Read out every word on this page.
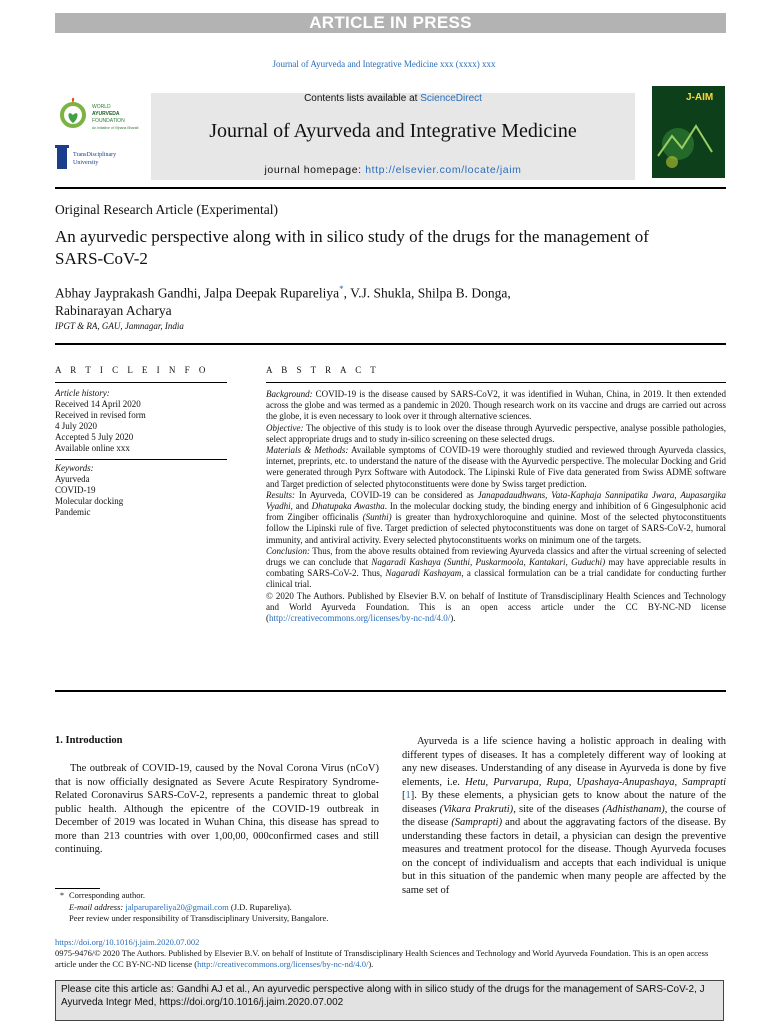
ARTICLE IN PRESS
Journal of Ayurveda and Integrative Medicine xxx (xxxx) xxx
WORLD
AYURVEDA
FOUNDATION
An initiative of Vijnana Bharati
TransDisciplinary
University
Contents lists available at ScienceDirect
Journal of Ayurveda and Integrative Medicine
journal homepage: http://elsevier.com/locate/jaim
J-AIM
Original Research Article (Experimental)
An ayurvedic perspective along with in silico study of the drugs for the management of SARS-CoV-2
Abhay Jayprakash Gandhi, Jalpa Deepak Rupareliya*, V.J. Shukla, Shilpa B. Donga,
Rabinarayan Acharya
IPGT & RA, GAU, Jamnagar, India
A R T I C L E I N F O	A B S T R A C T
Article history:
Received 14 April 2020
Received in revised form
4 July 2020
Accepted 5 July 2020
Available online xxx
Keywords:
Ayurveda
COVID-19
Molecular docking
Pandemic
Background: COVID-19 is the disease caused by SARS-CoV2, it was identified in Wuhan, China, in 2019. It then extended across the globe and was termed as a pandemic in 2020. Though research work on its vaccine and drugs are carried out across the globe, it is even necessary to look over it through alternative sciences.
Objective: The objective of this study is to look over the disease through Ayurvedic perspective, analyse possible pathologies, select appropriate drugs and to study in-silico screening on these selected drugs.
Materials & Methods: Available symptoms of COVID-19 were thoroughly studied and reviewed through Ayurveda classics, internet, preprints, etc. to understand the nature of the disease with the Ayurvedic perspective. The molecular Docking and Grid were generated through Pyrx Software with Autodock. The Lipinski Rule of Five data generated from Swiss ADME software and Target prediction of selected phytoconstituents were done by Swiss target prediction.
Results: In Ayurveda, COVID-19 can be considered as Janapadaudhwans, Vata-Kaphaja Sannipatika Jwara, Aupasargika Vyadhi, and Dhatupaka Awastha. In the molecular docking study, the binding energy and inhibition of 6 Gingesulphonic acid from Zingiber officinalis (Sunthi) is greater than hydroxychloroquine and quinine. Most of the selected phytoconstituents follow the Lipinski rule of five. Target prediction of selected phytoconstituents was done on target of SARS-CoV-2, humoral immunity, and antiviral activity. Every selected phytoconstituents works on minimum one of the targets.
Conclusion: Thus, from the above results obtained from reviewing Ayurveda classics and after the virtual screening of selected drugs we can conclude that Nagaradi Kashaya (Sunthi, Puskarmoola, Kantakari, Guduchi) may have appreciable results in combating SARS-CoV-2. Thus, Nagaradi Kashayam, a classical formulation can be a trial candidate for conducting further clinical trial.
© 2020 The Authors. Published by Elsevier B.V. on behalf of Institute of Transdisciplinary Health Sciences and Technology and World Ayurveda Foundation. This is an open access article under the CC BY-NC-ND license (http://creativecommons.org/licenses/by-nc-nd/4.0/).
1. Introduction

The outbreak of COVID-19, caused by the Noval Corona Virus (nCoV) that is now officially designated as Severe Acute Respiratory Syndrome-Related Coronavirus SARS-CoV-2, represents a pandemic threat to global public health. Although the epicentre of the COVID-19 outbreak in December of 2019 was located in Wuhan China, this disease has spread to more than 213 countries with over 1,00,00, 000confirmed cases and still continuing.

Ayurveda is a life science having a holistic approach in dealing with different types of diseases. It has a completely different way of looking at any new diseases. Understanding of any disease in Ayurveda is done by five elements, i.e. Hetu, Purvarupa, Rupa, Upashaya-Anupashaya, Samprapti [1]. By these elements, a physician gets to know about the nature of the diseases (Vikara Prakruti), site of the diseases (Adhisthanam), the course of the disease (Samprapti) and about the aggravating factors of the disease. By understanding these factors in detail, a physician can design the preventive measures and treatment protocol for the disease. Though Ayurveda focuses on the concept of individualism and accepts that each individual is unique but in this situation of the pandemic when many people are affected by the same set of

* Corresponding author.
E-mail address: jalparupareliya20@gmail.com (J.D. Rupareliya).
Peer review under responsibility of Transdisciplinary University, Bangalore.
https://doi.org/10.1016/j.jaim.2020.07.002
0975-9476/© 2020 The Authors. Published by Elsevier B.V. on behalf of Institute of Transdisciplinary Health Sciences and Technology and World Ayurveda Foundation. This is an open access article under the CC BY-NC-ND license (http://creativecommons.org/licenses/by-nc-nd/4.0/).
Please cite this article as: Gandhi AJ et al., An ayurvedic perspective along with in silico study of the drugs for the management of SARS-CoV-2, J Ayurveda Integr Med, https://doi.org/10.1016/j.jaim.2020.07.002
